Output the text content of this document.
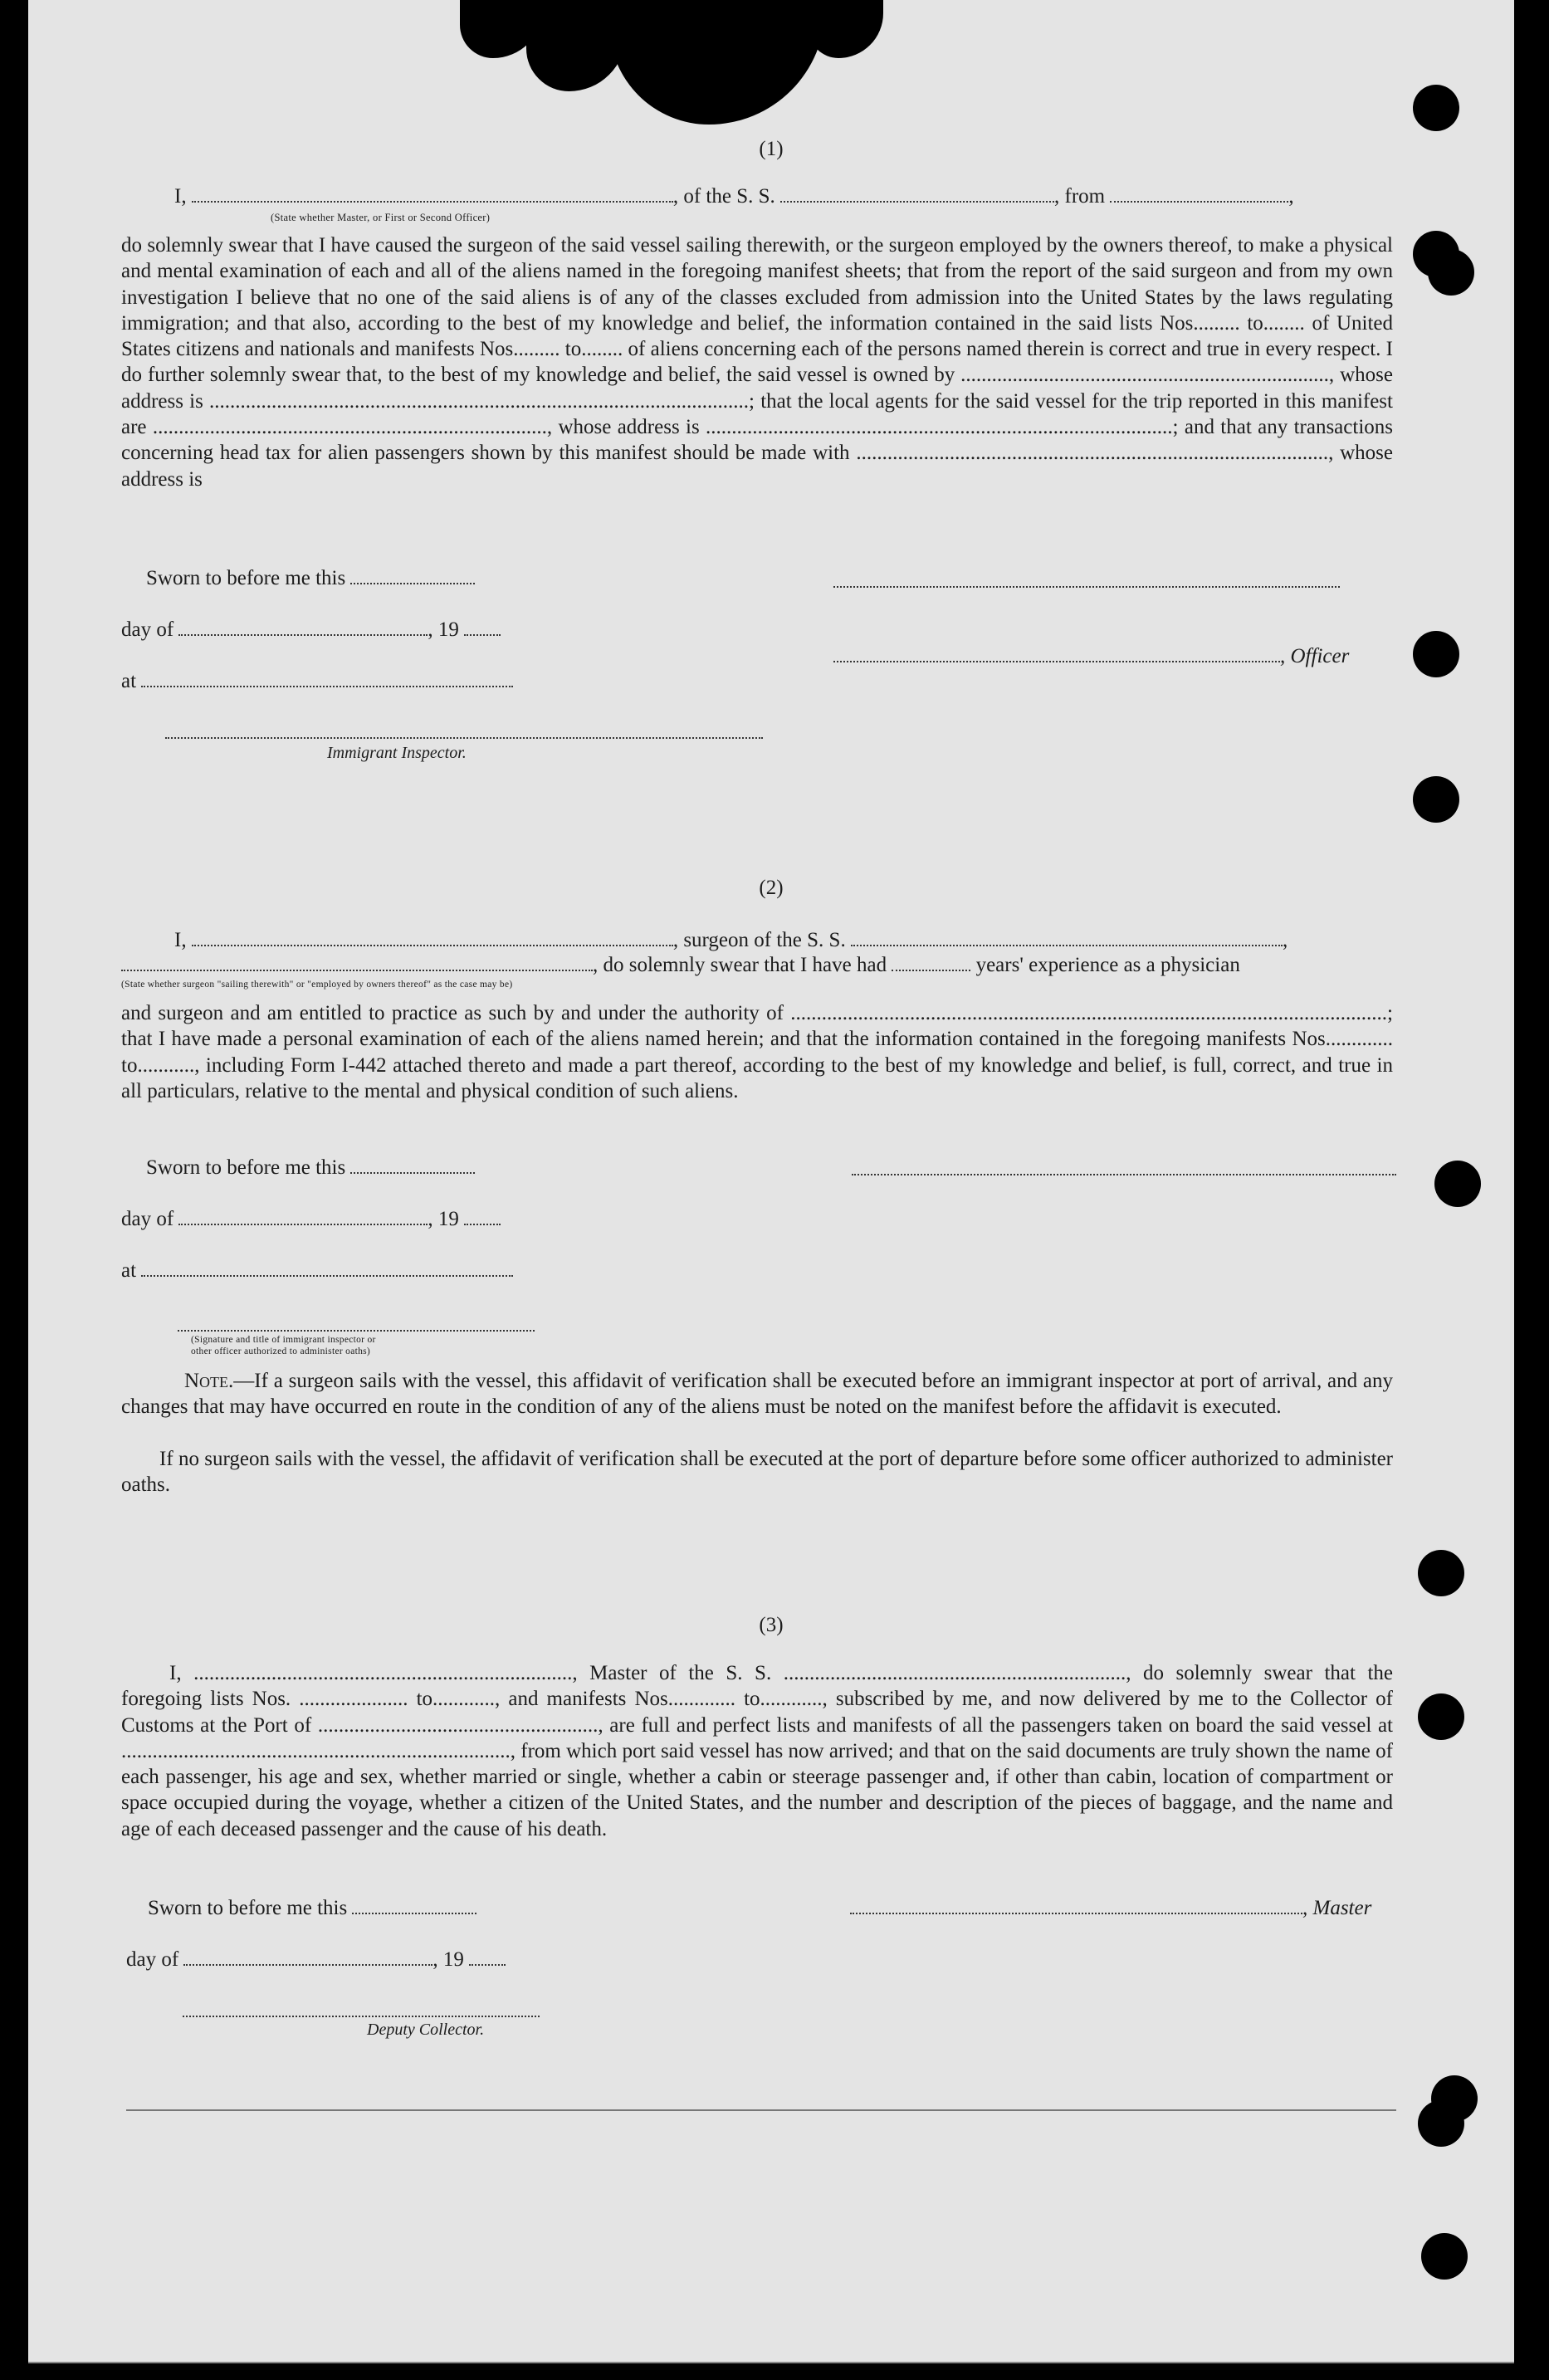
(1)
I,	, of the S. S.	, from	,
(State whether Master, or First or Second Officer)

do solemnly swear that I have caused the surgeon of the said vessel sailing therewith, or the surgeon employed by the owners thereof, to make a physical and mental examination of each and all of the aliens named in the foregoing manifest sheets; that from the report of the said surgeon and from my own investigation I believe that no one of the said aliens is of any of the classes excluded from admission into the United States by the laws regulating immigration; and that also, according to the best of my knowledge and belief, the information contained in the said lists Nos......... to........ of United States citizens and nationals and manifests Nos......... to........ of aliens concerning each of the persons named therein is correct and true in every respect. I do further solemnly swear that, to the best of my knowledge and belief, the said vessel is owned by ......................................................................., whose address is ........................................................................................................; that the local agents for the said vessel for the trip reported in this manifest are ............................................................................, whose address is ..........................................................................................; and that any transactions concerning head tax for alien passengers shown by this manifest should be made with ..........................................................................................., whose address is

Sworn to before me this
day of	, 19
, Officer
at
Immigrant Inspector.
(2)
I,	, surgeon of the S. S.	,
, do solemnly swear that I have had	years' experience as a physician
(State whether surgeon "sailing therewith" or "employed by owners thereof" as the case may be)

and surgeon and am entitled to practice as such by and under the authority of ...................................................................................................................; that I have made a personal examination of each of the aliens named herein; and that the information contained in the foregoing manifests Nos............. to..........., including Form I-442 attached thereto and made a part thereof, according to the best of my knowledge and belief, is full, correct, and true in all particulars, relative to the mental and physical condition of such aliens.

Sworn to before me this
day of	, 19
at
(Signature and title of immigrant inspector or
other officer authorized to administer oaths)

Note.—If a surgeon sails with the vessel, this affidavit of verification shall be executed before an immigrant inspector at port of arrival, and any changes that may have occurred en route in the condition of any of the aliens must be noted on the manifest before the affidavit is executed.

If no surgeon sails with the vessel, the affidavit of verification shall be executed at the port of departure before some officer authorized to administer oaths.

(3)

I, ........................................................................., Master of the S. S. .................................................................., do solemnly swear that the foregoing lists Nos. ..................... to............, and manifests Nos............. to............, subscribed by me, and now delivered by me to the Collector of Customs at the Port of ......................................................, are full and perfect lists and manifests of all the passengers taken on board the said vessel at ..........................................................................., from which port said vessel has now arrived; and that on the said documents are truly shown the name of each passenger, his age and sex, whether married or single, whether a cabin or steerage passenger and, if other than cabin, location of compartment or space occupied during the voyage, whether a citizen of the United States, and the number and description of the pieces of baggage, and the name and age of each deceased passenger and the cause of his death.

Sworn to before me this	, Master
day of	, 19
Deputy Collector.
